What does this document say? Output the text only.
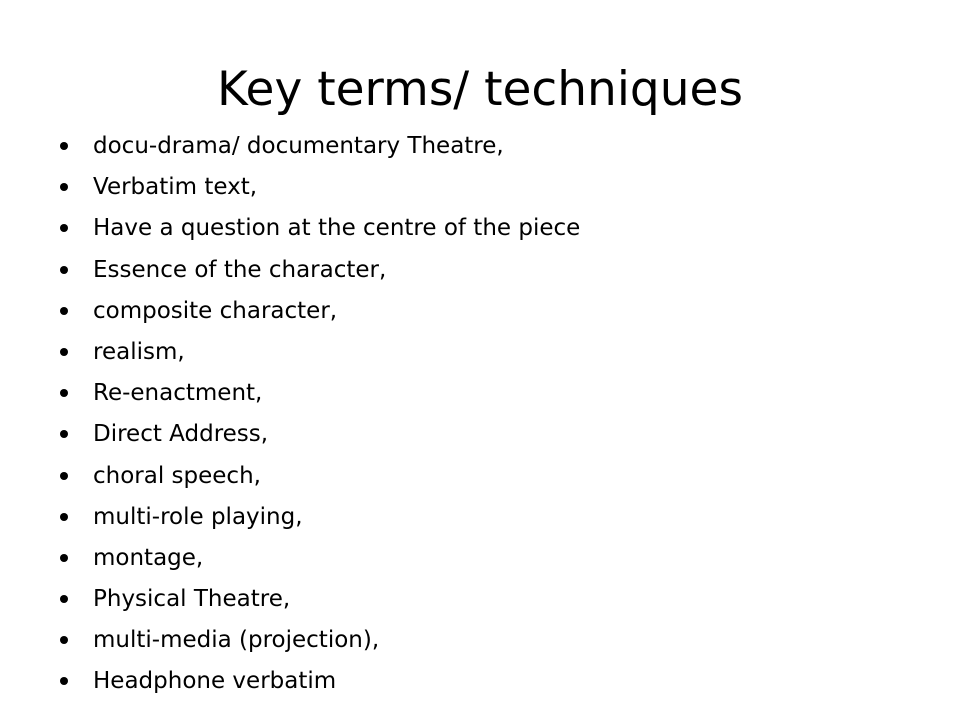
Key terms/ techniques
docu-drama/ documentary Theatre,
Verbatim text,
Have a question at the centre of the piece
Essence of the character,
composite character,
realism,
Re-enactment,
Direct Address,
choral speech,
multi-role playing,
montage,
Physical Theatre,
multi-media (projection),
Headphone verbatim
